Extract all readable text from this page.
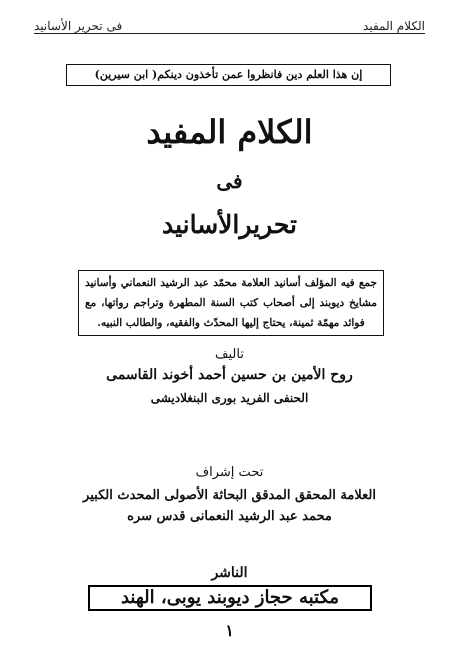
الكلام المفيد
فى تحرير الأسانيد
إن هذا العلم دين فانظروا عمن تأخذون دينكم( ابن سيرين)
الكلام المفيد
فى
تحريرالأسانيد
جمع فيه المؤلف أسانيد العلامة محمّد عبد الرشيد النعماني وأسانيد مشايخ ديوبند إلى أصحاب كتب السنة المطهرة وتراجم رواتها، مع فوائد مهمّة ثمينة، يحتاج إليها المحدّث والفقيه، والطالب النبيه.
تاليف
روح الأمين بن حسين أحمد أخوند القاسمى
الحنفى الفريد بورى البنغلاديشى
تحت إشراف
العلامة المحقق المدقق البحاثة الأصولى المحدث الكبير
محمد عبد الرشيد النعمانى قدس سره
الناشر
مكتبه حجاز ديوبند يوبى، الهند
١
